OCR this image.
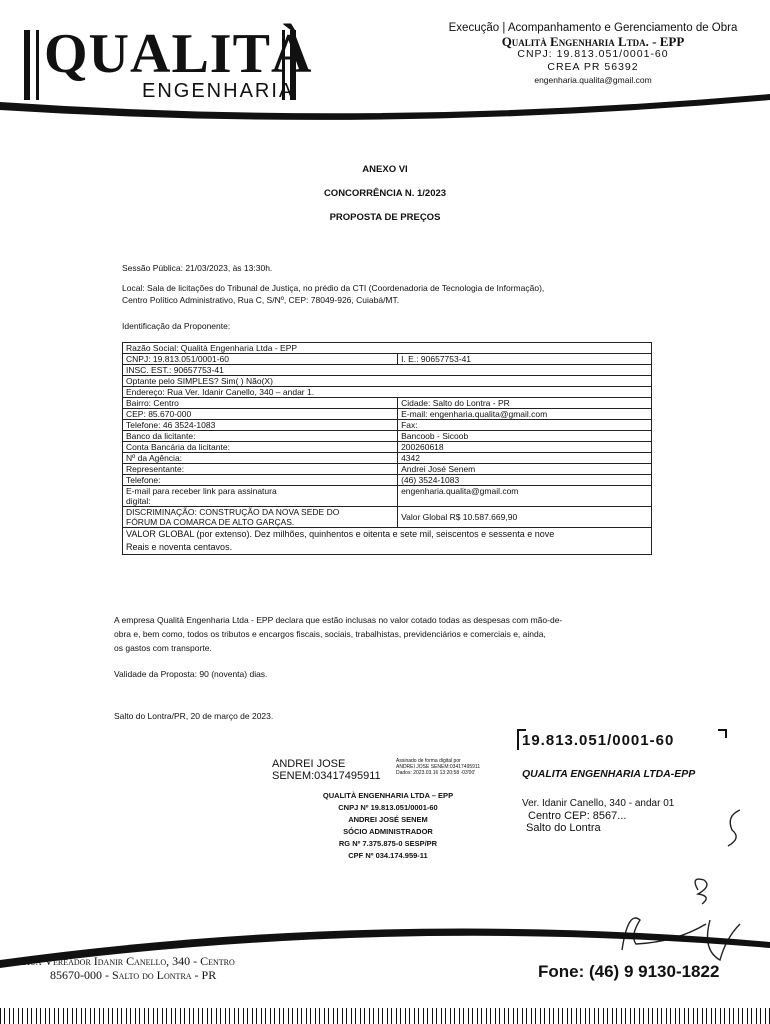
QUALITÀ
ENGENHARIA
Execução | Acompanhamento e Gerenciamento de Obra
Qualità Engenharia Ltda. - EPP
CNPJ: 19.813.051/0001-60
CREA PR 56392
engenharia.qualita@gmail.com
ANEXO VI
CONCORRÊNCIA N. 1/2023
PROPOSTA DE PREÇOS
Sessão Pública: 21/03/2023, às 13:30h.
Local: Sala de licitações do Tribunal de Justiça, no prédio da CTI (Coordenadoria de Tecnologia de Informação),
Centro Político Administrativo, Rua C, S/Nº, CEP: 78049-926, Cuiabá/MT.
Identificação da Proponente:
Razão Social: Qualità Engenharia Ltda - EPP	
CNPJ: 19.813.051/0001-60	I. E.: 90657753-41
INSC. EST.: 90657753-41	
Optante pelo SIMPLES? Sim( ) Não(X)	
Endereço: Rua Ver. Idanir Canello, 340 – andar 1.	
Bairro: Centro	Cidade: Salto do Lontra - PR
CEP: 85.670-000	E-mail: engenharia.qualita@gmail.com
Telefone: 46 3524-1083	Fax:
Banco da licitante:	Bancoob - Sicoob
Conta Bancária da licitante:	200260618
Nº da Agência:	4342
Representante:	Andrei José Senem
Telefone:	(46) 3524-1083
E-mail para receber link para assinatura
digital:	engenharia.qualita@gmail.com
DISCRIMINAÇÃO: CONSTRUÇÃO DA NOVA SEDE DO
FÓRUM DA COMARCA DE ALTO GARÇAS.	Valor Global R$ 10.587.669,90
VALOR GLOBAL (por extenso). Dez milhões, quinhentos e oitenta e sete mil, seiscentos e sessenta e nove
Reais e noventa centavos.	
A empresa Qualità Engenharia Ltda - EPP declara que estão inclusas no valor cotado todas as despesas com mão-de-
obra e, bem como, todos os tributos e encargos fiscais, sociais, trabalhistas, previdenciários e comerciais e, ainda,
os gastos com transporte.
Validade da Proposta: 90 (noventa) dias.
Salto do Lontra/PR, 20 de março de 2023.
ANDREI JOSE
SENEM:03417495911
Assinado de forma digital por
ANDREI JOSE SENEM:03417495911
Dados: 2023.03.16 13:20:58 -03'00'
QUALITÀ ENGENHARIA LTDA – EPP
CNPJ Nº 19.813.051/0001-60
ANDREI JOSÉ SENEM
SÓCIO ADMINISTRADOR
RG Nº 7.375.875-0 SESP/PR
CPF Nº 034.174.959-11
19.813.051/0001-60
QUALITA ENGENHARIA LTDA-EPP
Ver. Idanir Canello, 340 - andar 01
Centro CEP: 8567...
Salto do Lontra
Rua Vereador Idanir Canello, 340 - Centro
85670-000 - Salto do Lontra - PR	Fone: (46) 9 9130-1822
